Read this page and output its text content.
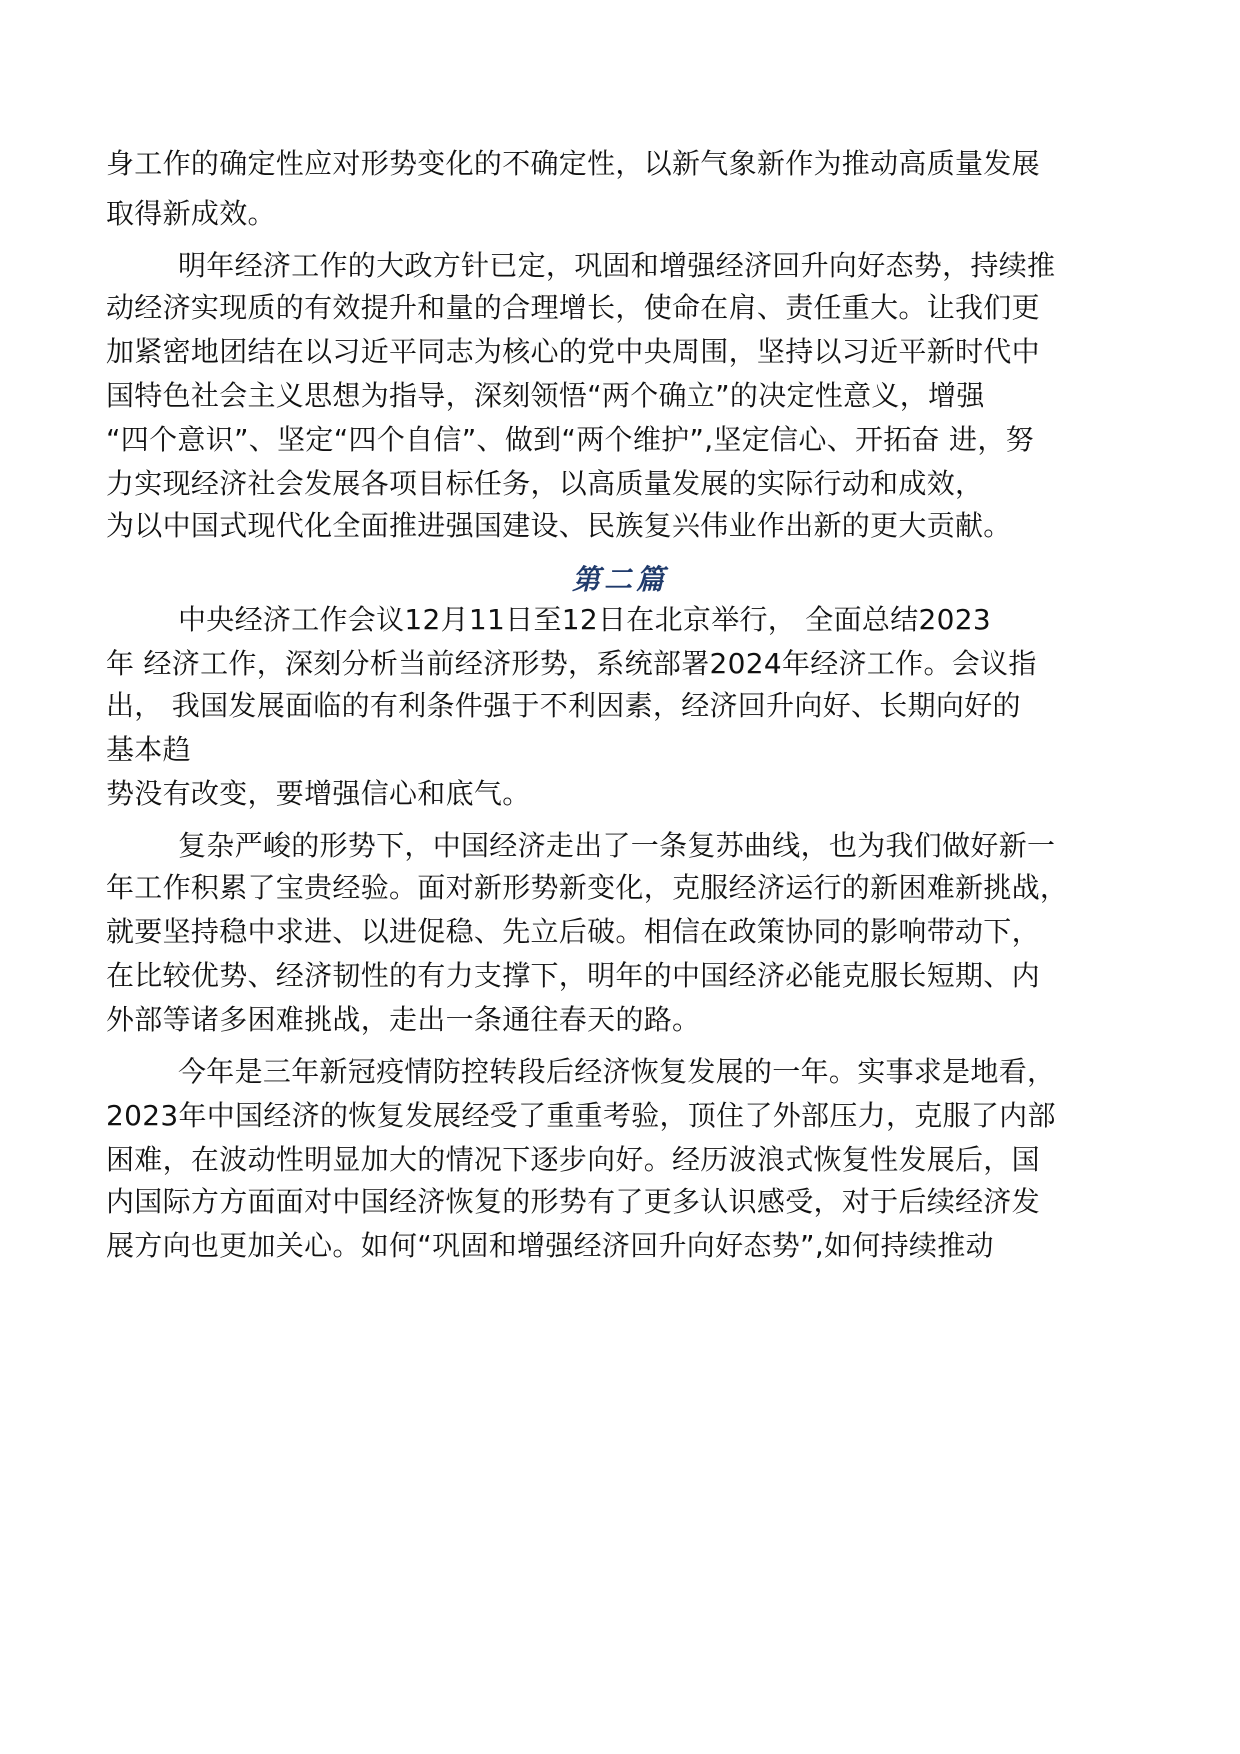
身工作的确定性应对形势变化的不确定性，以新气象新作为推动高质量发展
取得新成效。
明年经济工作的大政方针已定，巩固和增强经济回升向好态势，持续推
动经济实现质的有效提升和量的合理增长，使命在肩、责任重大。让我们更
加紧密地团结在以习近平同志为核心的党中央周围，坚持以习近平新时代中
国特色社会主义思想为指导，深刻领悟“两个确立”的决定性意义，增强
“四个意识”、坚定“四个自信”、做到“两个维护”,坚定信心、开拓奋 进，努
力实现经济社会发展各项目标任务，以高质量发展的实际行动和成效，
为以中国式现代化全面推进强国建设、民族复兴伟业作出新的更大贡献。
第二篇
中央经济工作会议12月11日至12日在北京举行， 全面总结2023
年 经济工作，深刻分析当前经济形势，系统部署2024年经济工作。会议指
出， 我国发展面临的有利条件强于不利因素，经济回升向好、长期向好的
基本趋
势没有改变，要增强信心和底气。
复杂严峻的形势下，中国经济走出了一条复苏曲线，也为我们做好新一
年工作积累了宝贵经验。面对新形势新变化，克服经济运行的新困难新挑战，
就要坚持稳中求进、以进促稳、先立后破。相信在政策协同的影响带动下，
在比较优势、经济韧性的有力支撑下，明年的中国经济必能克服长短期、内
外部等诸多困难挑战，走出一条通往春天的路。
今年是三年新冠疫情防控转段后经济恢复发展的一年。实事求是地看，
2023年中国经济的恢复发展经受了重重考验，顶住了外部压力，克服了内部
困难，在波动性明显加大的情况下逐步向好。经历波浪式恢复性发展后，国
内国际方方面面对中国经济恢复的形势有了更多认识感受，对于后续经济发
展方向也更加关心。如何“巩固和增强经济回升向好态势”,如何持续推动
